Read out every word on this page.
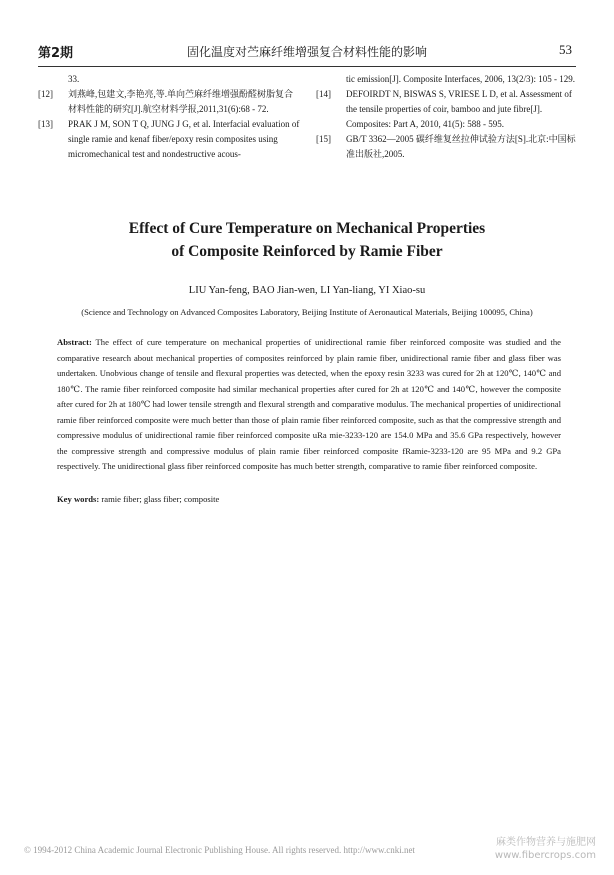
第2期	固化温度对苎麻纤维增强复合材料性能的影响	53

33.

[12] 刘燕峰,包建文,李艳亮,等.单向苎麻纤维增强酚醛树脂复合材料性能的研究[J].航空材料学报,2011,31(6):68 - 72.

[13] PRAK J M, SON T Q, JUNG J G, et al. Interfacial evaluation of single ramie and kenaf fiber/epoxy resin composites using micromechanical test and nondestructive acous-

tic emission[J]. Composite Interfaces, 2006, 13(2/3): 105 - 129.

[14] DEFOIRDT N, BISWAS S, VRIESE L D, et al. Assessment of the tensile properties of coir, bamboo and jute fibre[J]. Composites: Part A, 2010, 41(5): 588 - 595.

[15] GB/T 3362—2005 碳纤维复丝拉伸试验方法[S].北京:中国标准出版社,2005.

Effect of Cure Temperature on Mechanical Properties
of Composite Reinforced by Ramie Fiber
LIU Yan-feng, BAO Jian-wen, LI Yan-liang, YI Xiao-su
(Science and Technology on Advanced Composites Laboratory, Beijing Institute of Aeronautical Materials, Beijing 100095, China)

Abstract: The effect of cure temperature on mechanical properties of unidirectional ramie fiber reinforced composite was studied and the comparative research about mechanical properties of composites reinforced by plain ramie fiber, unidirectional ramie fiber and glass fiber was undertaken. Unobvious change of tensile and flexural properties was detected, when the epoxy resin 3233 was cured for 2h at 120℃, 140℃ and 180℃. The ramie fiber reinforced composite had similar mechanical properties after cured for 2h at 120℃ and 140℃, however the composite after cured for 2h at 180℃ had lower tensile strength and flexural strength and comparative modulus. The mechanical properties of unidirectional ramie fiber reinforced composite were much better than those of plain ramie fiber reinforced composite, such as that the compressive strength and compressive modulus of unidirectional ramie fiber reinforced composite uRa mie-3233-120 are 154.0 MPa and 35.6 GPa respectively, however the compressive strength and compressive modulus of plain ramie fiber reinforced composite fRamie-3233-120 are 95 MPa and 9.2 GPa respectively. The unidirectional glass fiber reinforced composite has much better strength, comparative to ramie fiber reinforced composite.

Key words: ramie fiber; glass fiber; composite

© 1994-2012 China Academic Journal Electronic Publishing House. All rights reserved. http://www.cnki.net
麻类作物营养与施肥网 www.fibercrops.com
